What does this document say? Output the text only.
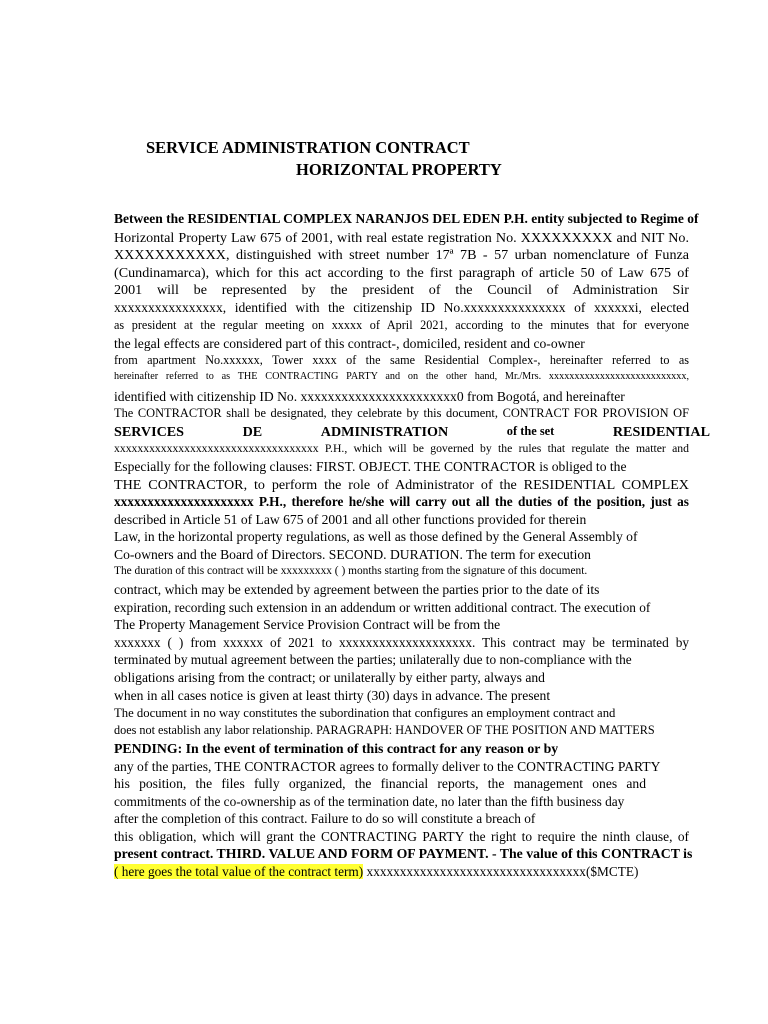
SERVICE ADMINISTRATION CONTRACT
HORIZONTAL PROPERTY
Between the RESIDENTIAL COMPLEX NARANJOS DEL EDEN P.H. entity subjected to Regime of
Horizontal Property Law 675 of 2001, with real estate registration No. XXXXXXXXX and NIT No.
XXXXXXXXXXX, distinguished with street number 17ª 7B - 57 urban nomenclature of Funza
(Cundinamarca), which for this act according to the first paragraph of article 50 of Law 675 of
2001 will be represented by the president of the Council of Administration Sir
xxxxxxxxxxxxxxxx, identified with the citizenship ID No.xxxxxxxxxxxxxxx of xxxxxxi, elected
as president at the regular meeting on xxxxx of April 2021, according to the minutes that for everyone
the legal effects are considered part of this contract-, domiciled, resident and co-owner
from apartment No.xxxxxx, Tower xxxx of the same Residential Complex-, hereinafter referred to as
hereinafter referred to as THE CONTRACTING PARTY and on the other hand, Mr./Mrs. xxxxxxxxxxxxxxxxxxxxxxxxxxx,
identified with citizenship ID No. xxxxxxxxxxxxxxxxxxxxxxx0 from Bogotá, and hereinafter
The CONTRACTOR shall be designated, they celebrate by this document, CONTRACT FOR PROVISION OF
SERVICES	DE	ADMINISTRATION	of the set	RESIDENTIAL
xxxxxxxxxxxxxxxxxxxxxxxxxxxxxxxxxxx P.H., which will be governed by the rules that regulate the matter and
Especially for the following clauses: FIRST. OBJECT. THE CONTRACTOR is obliged to the
THE CONTRACTOR, to perform the role of Administrator of the RESIDENTIAL COMPLEX
xxxxxxxxxxxxxxxxxxxxx P.H., therefore he/she will carry out all the duties of the position, just as
described in Article 51 of Law 675 of 2001 and all other functions provided for therein
Law, in the horizontal property regulations, as well as those defined by the General Assembly of
Co-owners and the Board of Directors. SECOND. DURATION. The term for execution
The duration of this contract will be xxxxxxxxx ( ) months starting from the signature of this document.
contract, which may be extended by agreement between the parties prior to the date of its
expiration, recording such extension in an addendum or written additional contract. The execution of
The Property Management Service Provision Contract will be from the
xxxxxxx ( ) from xxxxxx of 2021 to xxxxxxxxxxxxxxxxxxxx. This contract may be terminated by
terminated by mutual agreement between the parties; unilaterally due to non-compliance with the
obligations arising from the contract; or unilaterally by either party, always and
when in all cases notice is given at least thirty (30) days in advance. The present
The document in no way constitutes the subordination that configures an employment contract and
does not establish any labor relationship. PARAGRAPH: HANDOVER OF THE POSITION AND MATTERS
PENDING: In the event of termination of this contract for any reason or by
any of the parties, THE CONTRACTOR agrees to formally deliver to the CONTRACTING PARTY
his position, the files fully organized, the financial reports, the management ones and
commitments of the co-ownership as of the termination date, no later than the fifth business day
after the completion of this contract. Failure to do so will constitute a breach of
this obligation, which will grant the CONTRACTING PARTY the right to require the ninth clause, of
present contract. THIRD. VALUE AND FORM OF PAYMENT. - The value of this CONTRACT is
( here goes the total value of the contract term) xxxxxxxxxxxxxxxxxxxxxxxxxxxxxxxxx($MCTE)
